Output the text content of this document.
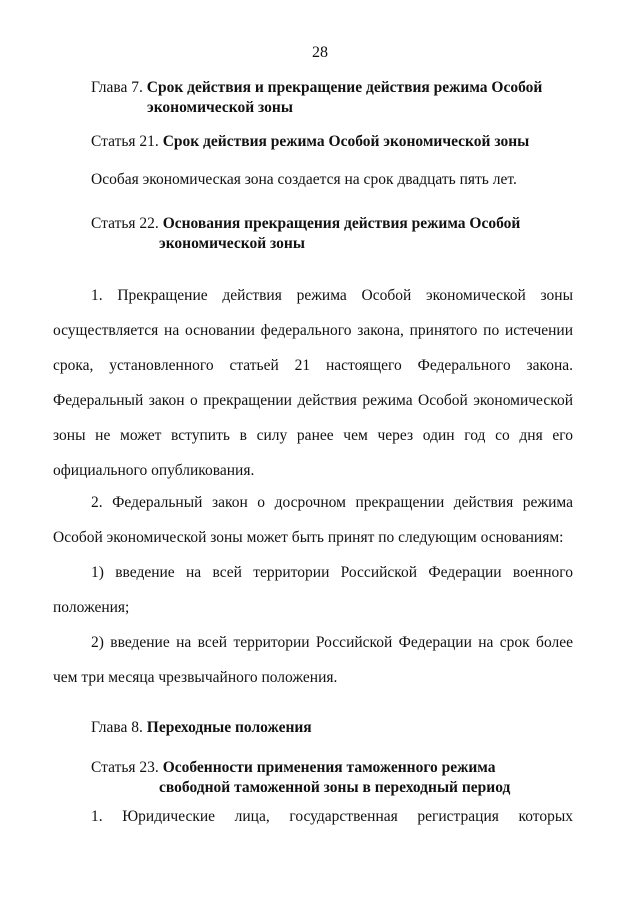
28
Глава 7. Срок действия и прекращение действия режима Особой
экономической зоны
Статья 21. Срок действия режима Особой экономической зоны
Особая экономическая зона создается на срок двадцать пять лет.
Статья 22. Основания прекращения действия режима Особой
экономической зоны
1. Прекращение действия режима Особой экономической зоны
осуществляется на основании федерального закона, принятого по истечении
срока, установленного статьей 21 настоящего Федерального закона.
Федеральный закон о прекращении действия режима Особой экономической
зоны не может вступить в силу ранее чем через один год со дня его
официального опубликования.
2. Федеральный закон о досрочном прекращении действия режима
Особой экономической зоны может быть принят по следующим основаниям:
1) введение на всей территории Российской Федерации военного
положения;
2) введение на всей территории Российской Федерации на срок более
чем три месяца чрезвычайного положения.
Глава 8. Переходные положения
Статья 23. Особенности применения таможенного режима
свободной таможенной зоны в переходный период
1. Юридические лица, государственная регистрация которых
